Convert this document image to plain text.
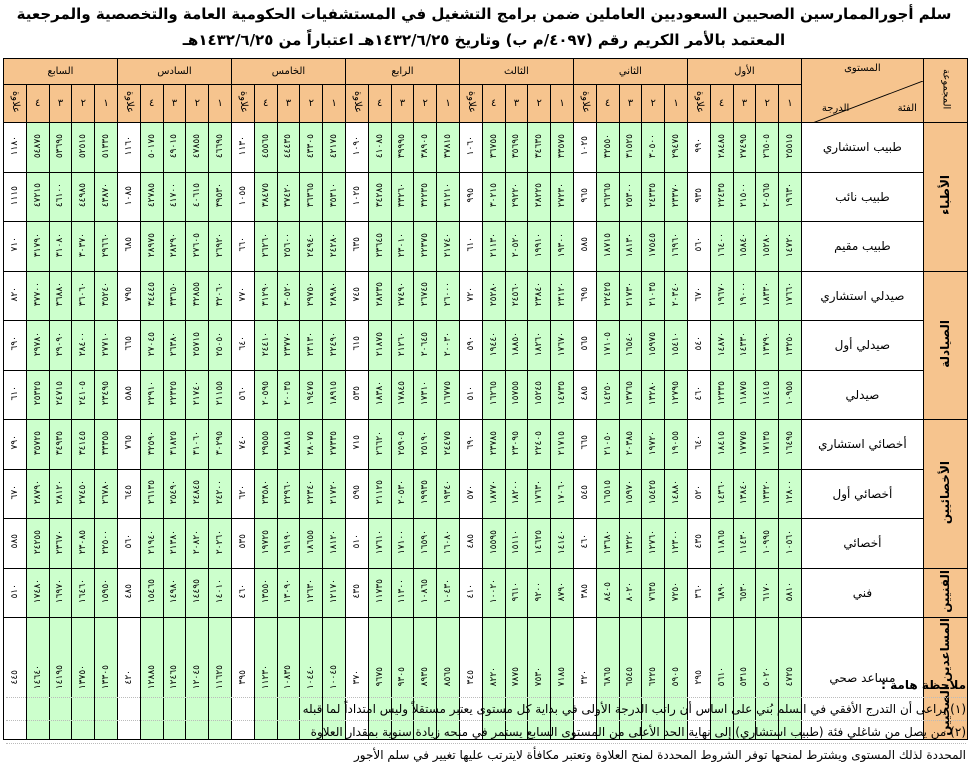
سلم أجورالممارسين الصحيين السعوديين العاملين ضمن برامج التشغيل في المستشفيات الحكومية العامة والتخصصية والمرجعية
المعتمد بالأمر الكريم رقم (٤٠٩٧/م ب) وتاريخ ١٤٣٢/٦/٢٥هـ اعتباراً من ١٤٣٢/٦/٢٥هـ
المجموعة	المستوى
الفئة
الدرجة	الأول					الثاني					الثالث					الرابع					الخامس					السادس					السابع				
		١	٢	٣	٤	علاوة	١	٢	٣	٤	علاوة	١	٢	٣	٤	علاوة	١	٢	٣	٤	علاوة	١	٢	٣	٤	علاوة	١	٢	٣	٤	علاوة	١	٢	٣	٤	علاوة
الأطباء	طبيب استشاري	٢٥٥١٥	٢٦٥٠٥	٢٧٤٩٥	٢٨٤٨٥	٩٩٠	٢٩٤٧٥	٣٠٥٠٠	٣١٥٢٥	٣٢٥٥٠	١٠٢٥	٣٣٥٧٥	٣٤٦٣٥	٣٥٦٩٥	٣٦٧٥٥	١٠٦٠	٣٧٨١٥	٣٨٩٠٥	٣٩٩٩٥	٤١٠٨٥	١٠٩٠	٤٢١٧٥	٤٣٣٠٥	٤٤٤٣٥	٤٥٥٦٥	١١٣٠	٤٦٦٩٥	٤٧٨٥٥	٤٩٠١٥	٥٠١٧٥	١١٦٠	٥١٣٣٥	٥٢٥١٥	٥٣٦٩٥	٥٤٨٧٥	١١٨٠
	طبيب نائب	١٩٦٣٠	٢٠٥٦٥	٢١٥٠٠	٢٢٤٣٥	٩٣٥	٢٣٣٧٠	٢٤٣٣٥	٢٥٣٠٠	٢٦٢٦٥	٩٦٥	٢٧٢٣٠	٢٨٢٢٥	٢٩٢٢٠	٣٠٢١٥	٩٩٥	٣١٢١٠	٣٢٢٣٥	٣٣٢٦٠	٣٤٢٨٥	١٠٢٥	٣٥٣١٠	٣٦٣٦٥	٣٧٤٢٠	٣٨٤٧٥	١٠٥٥	٣٩٥٣٠	٤٠٦١٥	٤١٧٠٠	٤٢٧٨٥	١٠٨٥	٤٣٨٧٠	٤٤٩٨٥	٤٦١٠٠	٤٧٢١٥	١١١٥
	طبيب مقيم	١٤٧٢٠	١٥٢٨٠	١٥٨٤٠	١٦٤٠٠	٥٦٠	١٦٩٦٠	١٧٥٤٥	١٨١٣٠	١٨٧١٥	٥٨٥	١٩٣٠٠	١٩٩١٠	٢٠٥٢٠	٢١١٣٠	٦١٠	٢١٧٤٠	٢٢٣٧٥	٢٣٠١٠	٢٣٦٤٥	٦٣٥	٢٤٢٨٠	٢٤٩٤٠	٢٥٦٠٠	٢٦٢٦٠	٦٦٠	٢٦٩٢٠	٢٧٦٠٥	٢٨٢٩٠	٢٨٩٧٥	٦٨٥	٢٩٦٦٠	٣٠٣٧٠	٣١٠٨٠	٣١٧٩٠	٧١٠
الصيادلة	صيدلي استشاري	١٧٦٦٠	١٨٣٣٠	١٩٠٠٠	١٩٦٧٠	٦٧٠	٢٠٣٤٠	٢١٠٣٥	٢١٧٣٠	٢٢٤٢٥	٦٩٥	٢٣١٢٠	٢٣٨٤٠	٢٤٥٦٠	٢٥٢٨٠	٧٢٠	٢٦٠٠٠	٢٦٧٤٥	٢٧٤٩٠	٢٨٢٣٥	٧٤٥	٢٨٩٨٠	٢٩٧٥٠	٣٠٥٢٠	٣١٢٩٠	٧٧٠	٣٢٠٦٠	٣٢٨٥٥	٣٣٦٥٠	٣٤٤٤٥	٧٩٥	٣٥٢٤٠	٣٦٠٦٠	٣٦٨٨٠	٣٧٧٠٠	٨٢٠
	صيدلي أول	١٣٢٥٠	١٣٧٩٠	١٤٣٣٠	١٤٨٧٠	٥٤٠	١٥٤١٠	١٥٩٧٥	١٦٥٤٠	١٧١٠٥	٥٦٥	١٧٦٧٠	١٨٢٦٠	١٨٨٥٠	١٩٤٤٠	٥٩٠	٢٠٠٣٠	٢٠٦٤٥	٢١٢٦٠	٢١٨٧٥	٦١٥	٢٢٤٩٠	٢٣١٣٠	٢٣٧٧٠	٢٤٤١٠	٦٤٠	٢٥٠٥٠	٢٥٧١٥	٢٦٣٨٠	٢٧٠٤٥	٦٦٥	٢٧٧١٠	٢٨٤٠٠	٢٩٠٩٠	٢٩٧٨٠	٦٩٠
	صيدلي	١٠٩٥٥	١١٤١٥	١١٨٧٥	١٢٣٣٥	٤٦٠	١٢٧٩٥	١٣٢٨٠	١٣٧٦٥	١٤٢٥٠	٤٨٥	١٤٧٣٥	١٥٢٤٥	١٥٧٥٥	١٦٢٦٥	٥١٠	١٦٧٧٥	١٧٣١٠	١٧٨٤٥	١٨٣٨٠	٥٣٥	١٨٩١٥	١٩٤٧٥	٢٠٠٣٥	٢٠٥٩٥	٥٦٠	٢١١٥٥	٢١٧٤٠	٢٢٣٢٥	٢٢٩١٠	٥٨٥	٢٣٤٩٥	٢٤١٠٥	٢٤٧١٥	٢٥٣٢٥	٦١٠
الأخصائيين	أخصائي استشاري	١٦٤٩٥	١٧١٣٥	١٧٧٧٥	١٨٤١٥	٦٤٠	١٩٠٥٥	١٩٧٢٠	٢٠٣٨٥	٢١٠٥٠	٦٦٥	٢١٧١٥	٢٢٤٠٥	٢٣٠٩٥	٢٣٧٨٥	٦٩٠	٢٤٤٧٥	٢٥١٩٠	٢٥٩٠٥	٢٦٦٢٠	٧١٥	٢٧٣٣٥	٢٨٠٧٥	٢٨٨١٥	٢٩٥٥٥	٧٤٠	٣٠٢٩٥	٣١٠٦٠	٣١٨٢٥	٣٢٥٩٠	٧٦٥	٣٣٣٥٥	٣٤١٤٥	٣٤٩٣٥	٣٥٧٢٥	٧٩٠
	أخصائي أول	١٢٨٠٠	١٣٣٢٠	١٣٨٤٠	١٤٣٦٠	٥٢٠	١٤٨٨٠	١٥٤٢٥	١٥٩٧٠	١٦٥١٥	٥٤٥	١٧٠٦٠	١٧٦٣٠	١٨٢٠٠	١٨٧٧٠	٥٧٠	١٩٣٤٠	١٩٩٣٥	٢٠٥٣٠	٢١١٢٥	٥٩٥	٢١٧٢٠	٢٢٣٤٠	٢٢٩٦٠	٢٣٥٨٠	٦٢٠	٢٤٢٠٠	٢٤٨٤٥	٢٥٤٩٠	٢٦١٣٥	٦٤٥	٢٦٧٨٠	٢٧٤٥٠	٢٨١٢٠	٢٨٧٩٠	٦٧٠
	أخصائي	١٠٥٦٠	١٠٩٩٥	١١٤٣٠	١١٨٦٥	٤٣٥	١٢٣٠٠	١٢٧٦٠	١٣٢٢٠	١٣٦٨٠	٤٦٠	١٤١٤٠	١٤٦٢٥	١٥١١٠	١٥٥٩٥	٤٨٥	١٦٠٨٠	١٦٥٩٠	١٧١٠٠	١٧٦١٠	٥١٠	١٨١٢٠	١٨٦٥٥	١٩١٩٠	١٩٧٢٥	٥٣٥	٢٠٢٦٠	٢٠٨٢٠	٢١٣٨٠	٢١٩٤٠	٥٦٠	٢٢٥٠٠	٢٣٠٨٥	٢٣٦٧٠	٢٤٢٥٥	٥٨٥
الفنيين	فني	٥٨١٠	٦١٧٠	٦٥٣٠	٦٨٩٠	٣٦٠	٧٢٥٠	٧٦٣٥	٨٠٢٠	٨٤٠٥	٣٨٥	٨٧٩٠	٩٢٠٠	٩٦١٠	١٠٠٢٠	٤١٠	١٠٤٣٠	١٠٨٦٥	١١٣٠٠	١١٧٣٥	٤٣٥	١٢١٧٠	١٢٦٣٠	١٣٠٩٠	١٣٥٥٠	٤٦٠	١٤٠١٠	١٤٤٩٥	١٤٩٨٠	١٥٤٦٥	٤٨٥	١٥٩٥٠	١٦٤٦٠	١٦٩٧٠	١٧٤٨٠	٥١٠
المساعدين الصحيين	مساعد صحي	٤٧٢٥	٥٠٢٠	٥٣١٥	٥٦١٠	٢٩٥	٥٩٠٥	٦٢٢٥	٦٥٤٥	٦٨٦٥	٣٢٠	٧١٨٥	٧٥٣٠	٧٨٧٥	٨٢٢٠	٣٤٥	٨٥٦٥	٨٩٣٥	٩٣٠٥	٩٦٧٥	٣٧٠	١٠٠٤٥	١٠٤٤٠	١٠٨٣٥	١١٢٣٠	٣٩٥	١١٦٢٥	١٢٠٤٥	١٢٤٦٥	١٢٨٨٥	٤٢٠	١٣٣٠٥	١٣٧٥٠	١٤١٩٥	١٤٦٤٠	٤٤٥
ملاحظة هامة :
(١) يراعى أن التدرج الأفقي في السلم بُني على اساس أن راتب الدرجة الأولى في بداية كل مستوى يعتبر مستقلاً وليس امتداداً لما قبله
(٢) من يصل من شاغلي فئة (طبيب استشاري) إلى نهاية الحد الأعلى من المستوى السابع يستمر في منحه زيادة سنوية بمقدار العلاوة
المحددة لذلك المستوى ويشترط لمنحها توفر الشروط المحددة لمنح العلاوة وتعتبر مكافأة لايترتب عليها تغيير في سلم الأجور
